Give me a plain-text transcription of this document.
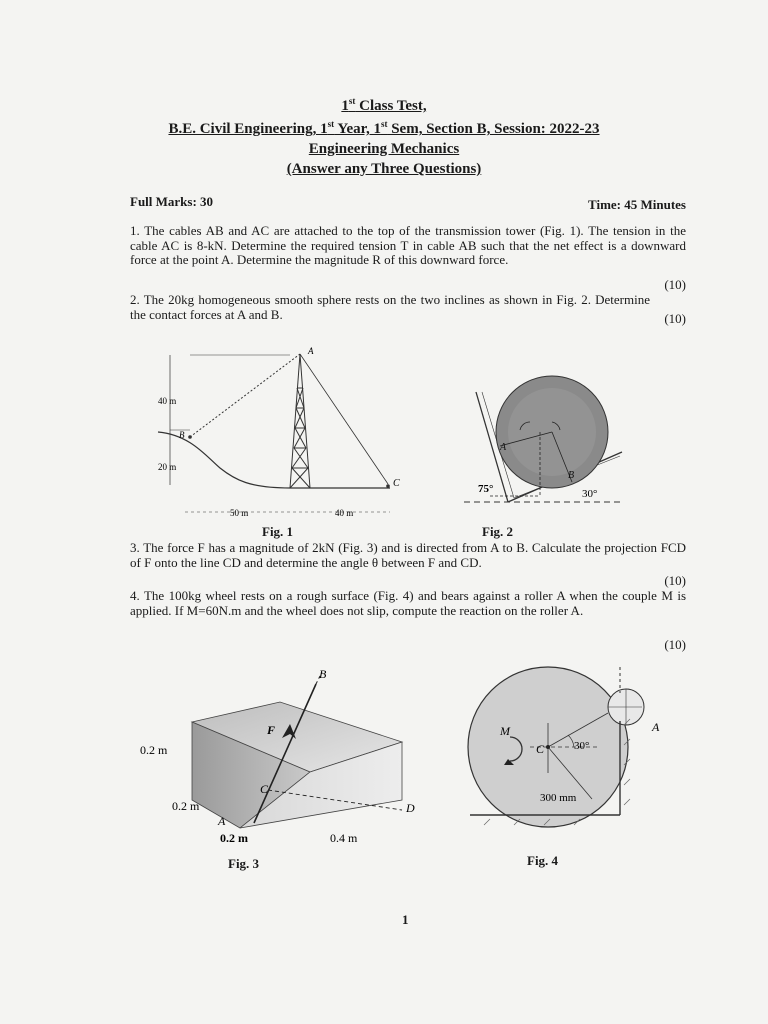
1st Class Test,
B.E. Civil Engineering, 1st Year, 1st Sem, Section B, Session: 2022-23
Engineering Mechanics
(Answer any Three Questions)
Full Marks: 30	Time: 45 Minutes
1. The cables AB and AC are attached to the top of the transmission tower (Fig. 1). The tension in the cable AC is 8-kN. Determine the required tension T in cable AB such that the net effect is a downward force at the point A. Determine the magnitude R of this downward force.
(10)
2. The 20kg homogeneous smooth sphere rests on the two inclines as shown in Fig. 2. Determine the contact forces at A and B.	(10)
A
B
C
40 m
20 m
50 m	40 m
Fig. 1
A
B
75°	30°
Fig. 2
3. The force F has a magnitude of 2kN (Fig. 3) and is directed from A to B. Calculate the projection FCD of F onto the line CD and determine the angle θ between F and CD.
(10)
4. The 100kg wheel rests on a rough surface (Fig. 4) and bears against a roller A when the couple M is applied. If M=60N.m and the wheel does not slip, compute the reaction on the roller A.
(10)
B
F
C
D
A
0.2 m
0.2 m
0.2 m	0.4 m
Fig. 3
M
C	30°
300 mm
A
Fig. 4
1
